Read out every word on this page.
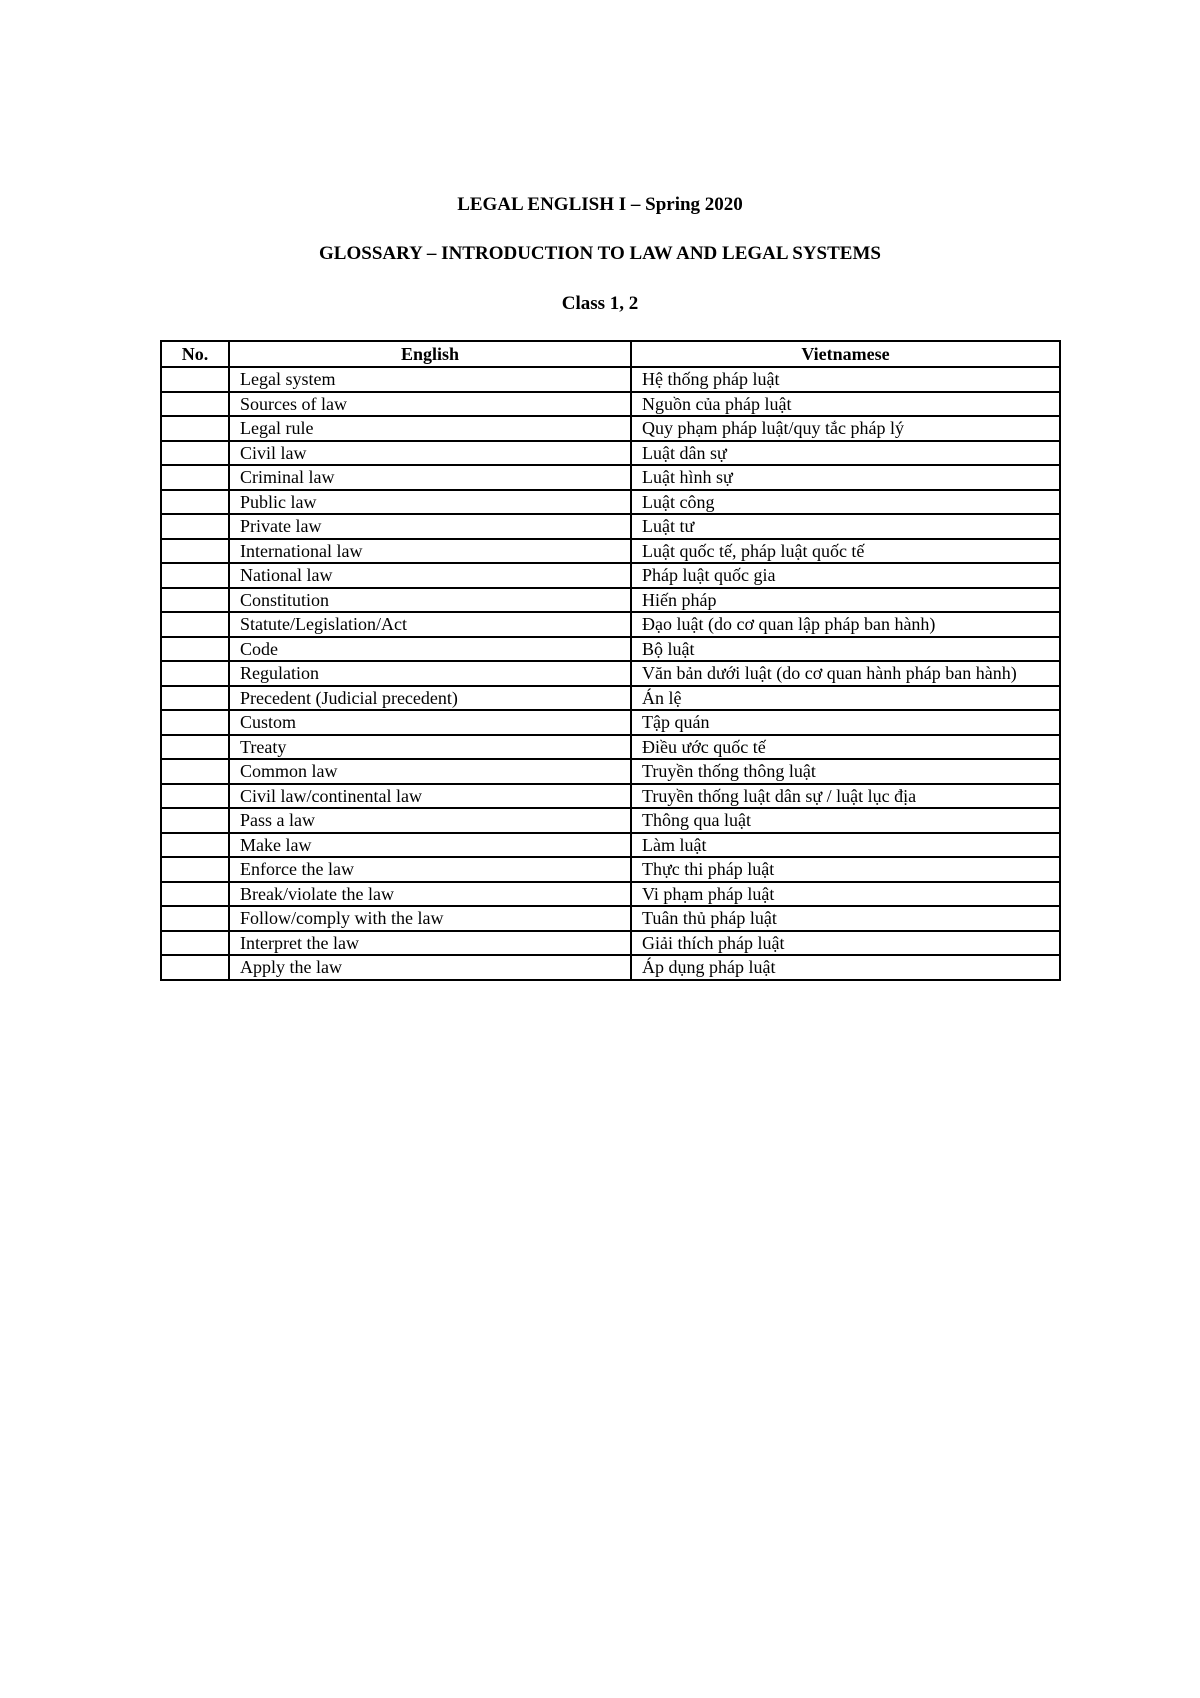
LEGAL ENGLISH I – Spring 2020
GLOSSARY – INTRODUCTION TO LAW AND LEGAL SYSTEMS
Class 1, 2
No.	English	Vietnamese
	Legal system	Hệ thống pháp luật
	Sources of law	Nguồn của pháp luật
	Legal rule	Quy phạm pháp luật/quy tắc pháp lý
	Civil law	Luật dân sự
	Criminal law	Luật hình sự
	Public law	Luật công
	Private law	Luật tư
	International law	Luật quốc tế, pháp luật quốc tế
	National law	Pháp luật quốc gia
	Constitution	Hiến pháp
	Statute/Legislation/Act	Đạo luật (do cơ quan lập pháp ban hành)
	Code	Bộ luật
	Regulation	Văn bản dưới luật (do cơ quan hành pháp ban hành)
	Precedent (Judicial precedent)	Án lệ
	Custom	Tập quán
	Treaty	Điều ước quốc tế
	Common law	Truyền thống thông luật
	Civil law/continental law	Truyền thống luật dân sự / luật lục địa
	Pass a law	Thông qua luật
	Make law	Làm luật
	Enforce the law	Thực thi pháp luật
	Break/violate the law	Vi phạm pháp luật
	Follow/comply with the law	Tuân thủ pháp luật
	Interpret the law	Giải thích pháp luật
	Apply the law	Áp dụng pháp luật
